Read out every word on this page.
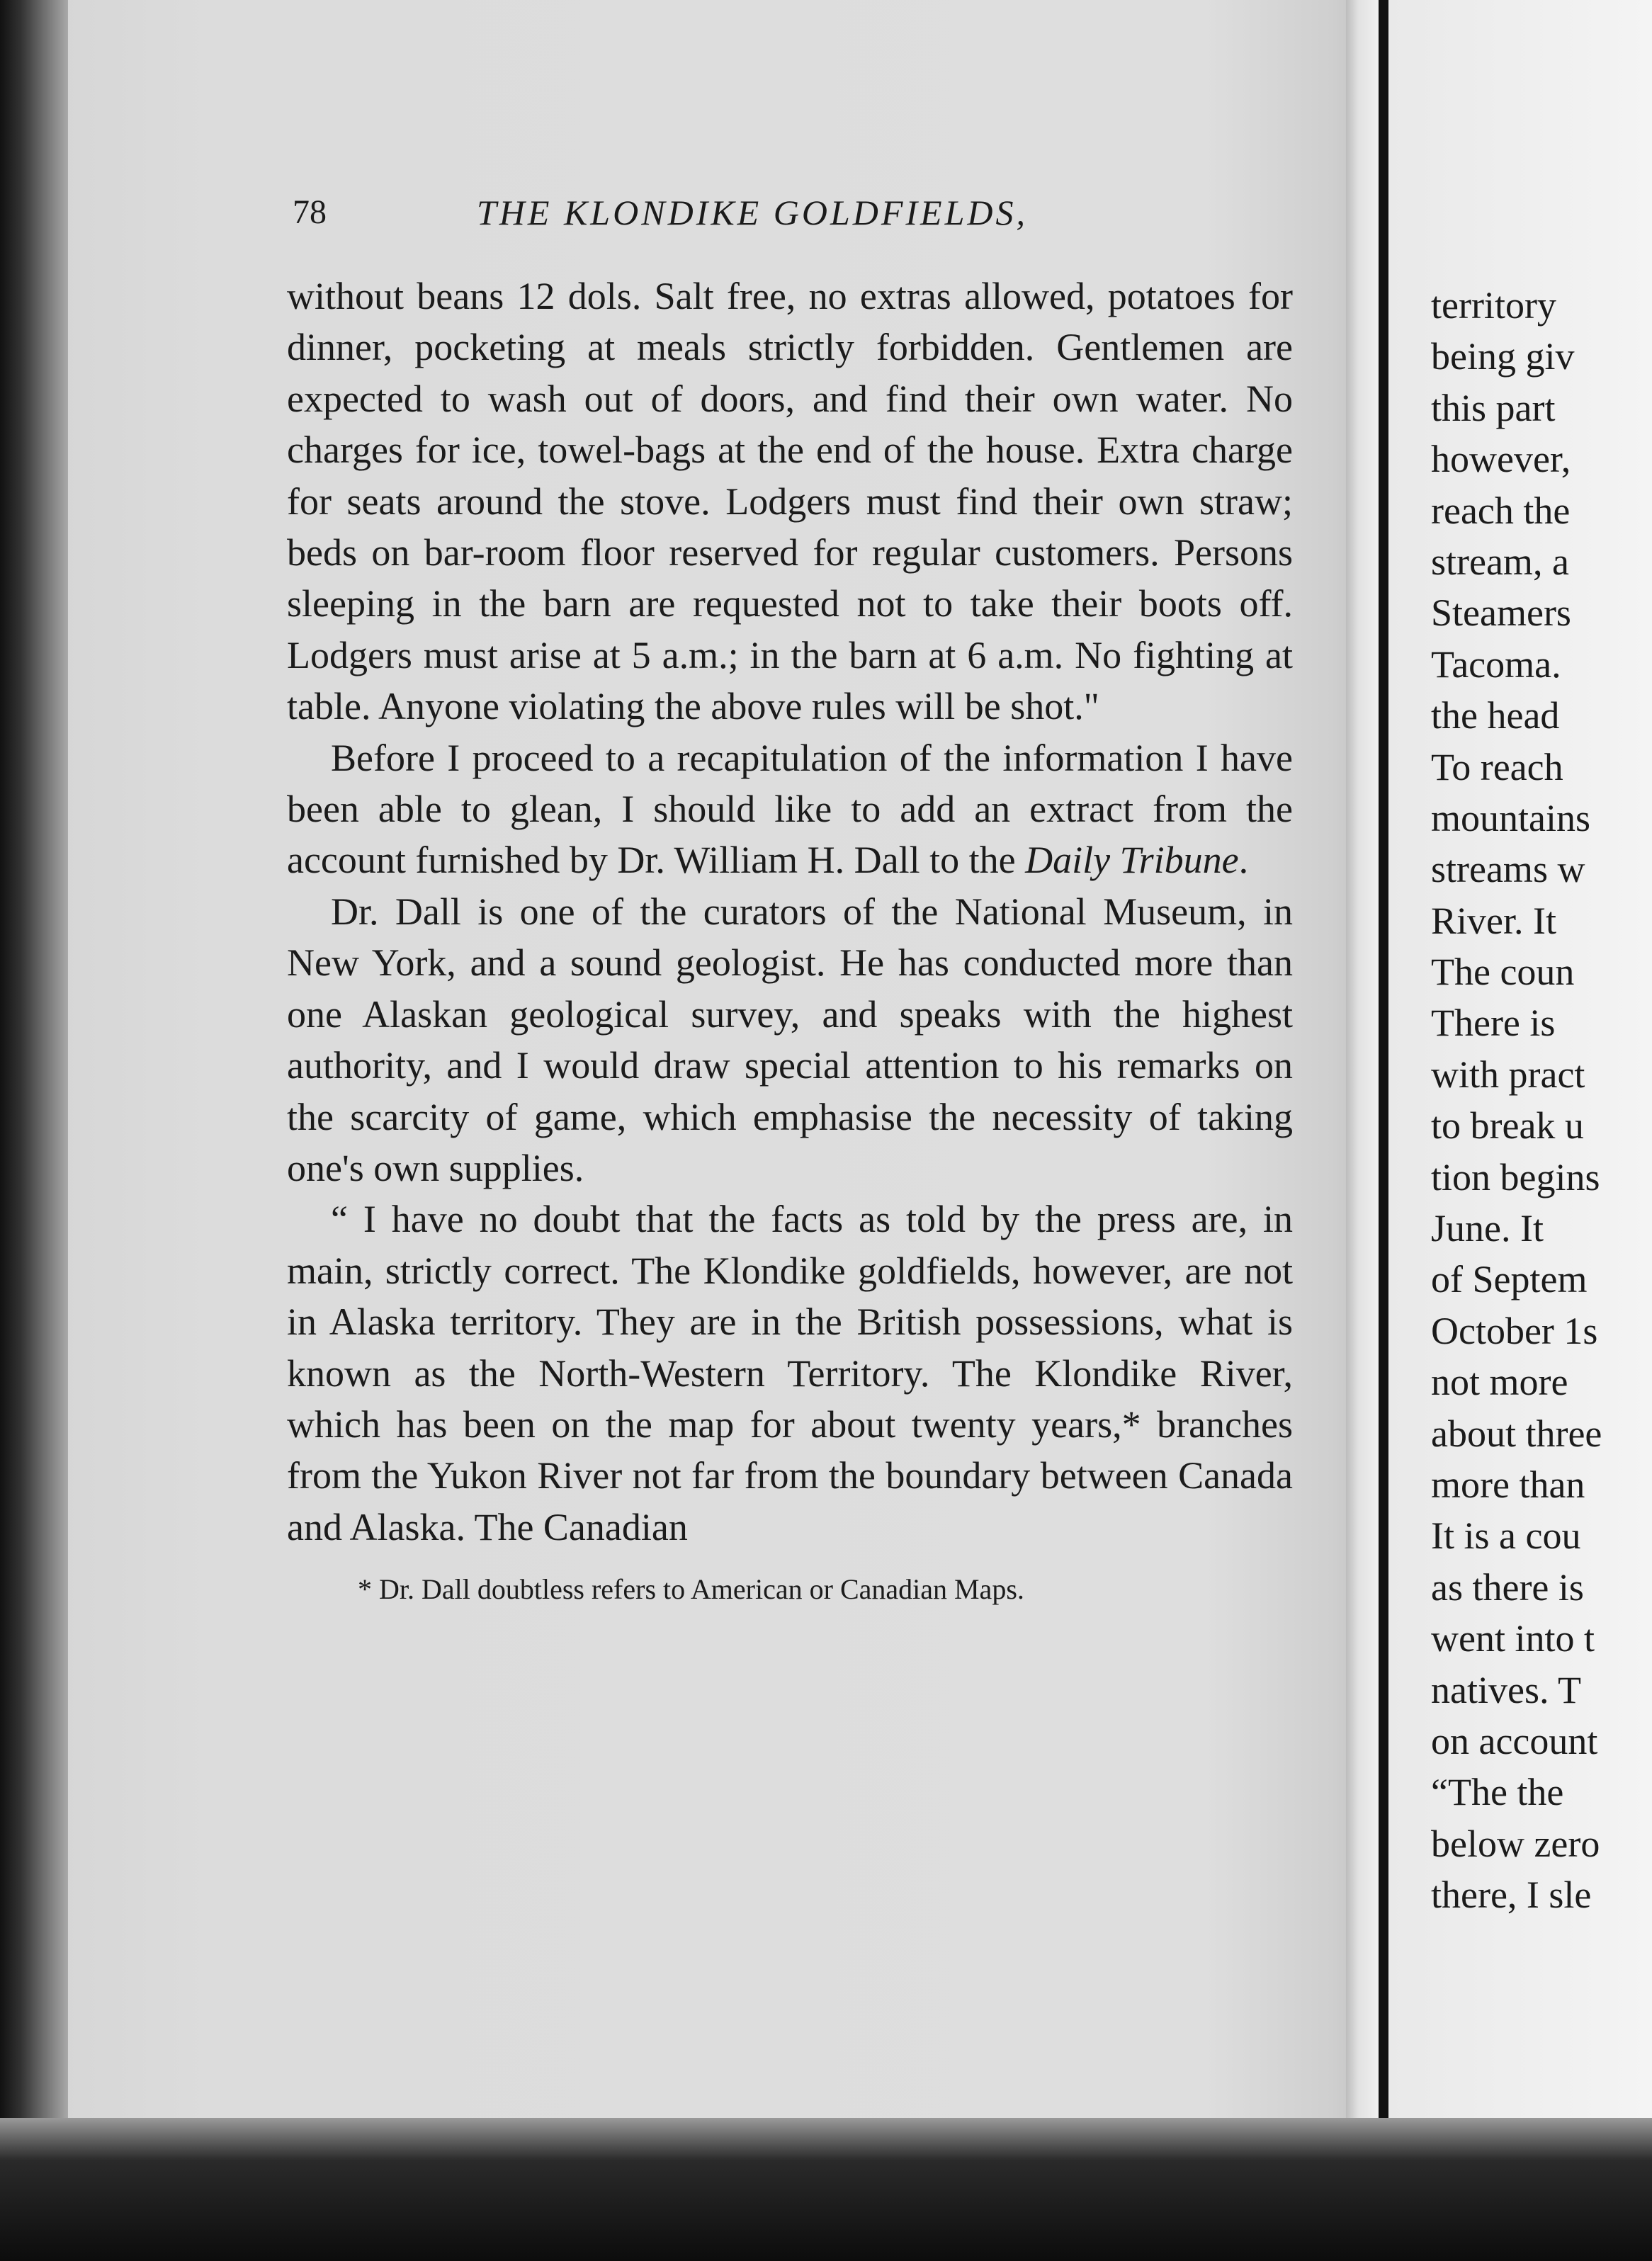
78	THE KLONDIKE GOLDFIELDS,

without beans 12 dols. Salt free, no extras allowed, potatoes for dinner, pocketing at meals strictly forbidden. Gentlemen are expected to wash out of doors, and find their own water. No charges for ice, towel-bags at the end of the house. Extra charge for seats around the stove. Lodgers must find their own straw; beds on bar-room floor reserved for regular customers. Persons sleeping in the barn are requested not to take their boots off. Lodgers must arise at 5 a.m.; in the barn at 6 a.m. No fighting at table. Anyone violating the above rules will be shot."

Before I proceed to a recapitulation of the information I have been able to glean, I should like to add an extract from the account furnished by Dr. William H. Dall to the Daily Tribune.

Dr. Dall is one of the curators of the National Museum, in New York, and a sound geologist. He has conducted more than one Alaskan geological survey, and speaks with the highest authority, and I would draw special attention to his remarks on the scarcity of game, which emphasise the necessity of taking one's own supplies.

“ I have no doubt that the facts as told by the press are, in main, strictly correct. The Klondike goldfields, however, are not in Alaska territory. They are in the British possessions, what is known as the North-Western Territory. The Klondike River, which has been on the map for about twenty years,* branches from the Yukon River not far from the boundary between Canada and Alaska. The Canadian

* Dr. Dall doubtless refers to American or Canadian Maps.
territory
being giv
this part
however,
reach the
stream, a
Steamers
Tacoma.
the head
To reach
mountains
streams w
River. It
The coun
There is
with pract
to break u
tion begins
June. It
of Septem
October 1s
not more
about three
more than
It is a cou
as there is
went into t
natives. T
on account
“The the
below zero
there, I sle
